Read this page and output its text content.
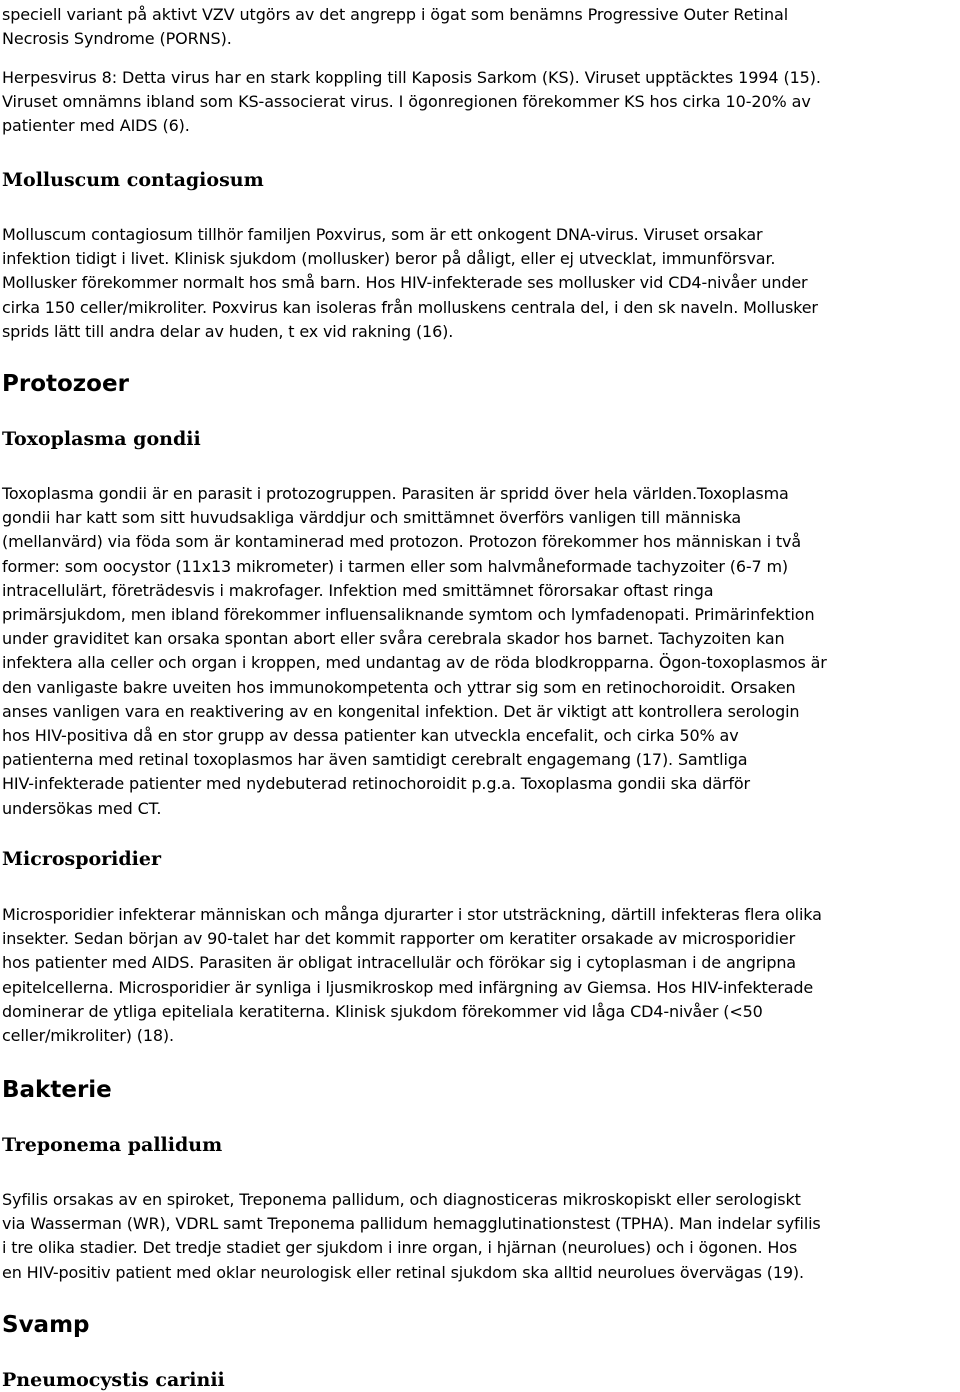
speciell variant på aktivt VZV utgörs av det angrepp i ögat som benämns Progressive Outer Retinal
Necrosis Syndrome (PORNS).

Herpesvirus 8: Detta virus har en stark koppling till Kaposis Sarkom (KS). Viruset upptäcktes 1994 (15).
Viruset omnämns ibland som KS-associerat virus. I ögonregionen förekommer KS hos cirka 10-20% av
patienter med AIDS (6).

Molluscum contagiosum

Molluscum contagiosum tillhör familjen Poxvirus, som är ett onkogent DNA-virus. Viruset orsakar
infektion tidigt i livet. Klinisk sjukdom (mollusker) beror på dåligt, eller ej utvecklat, immunförsvar.
Mollusker förekommer normalt hos små barn. Hos HIV-infekterade ses mollusker vid CD4-nivåer under
cirka 150 celler/mikroliter. Poxvirus kan isoleras från molluskens centrala del, i den sk naveln. Mollusker
sprids lätt till andra delar av huden, t ex vid rakning (16).

Protozoer
Toxoplasma gondii

Toxoplasma gondii är en parasit i protozogruppen. Parasiten är spridd över hela världen.Toxoplasma
gondii har katt som sitt huvudsakliga värddjur och smittämnet överförs vanligen till människa
(mellanvärd) via föda som är kontaminerad med protozon. Protozon förekommer hos människan i två
former: som oocystor (11x13 mikrometer) i tarmen eller som halvmåneformade tachyzoiter (6-7 m)
intracellulärt, företrädesvis i makrofager. Infektion med smittämnet förorsakar oftast ringa
primärsjukdom, men ibland förekommer influensaliknande symtom och lymfadenopati. Primärinfektion
under graviditet kan orsaka spontan abort eller svåra cerebrala skador hos barnet. Tachyzoiten kan
infektera alla celler och organ i kroppen, med undantag av de röda blodkropparna. Ögon-toxoplasmos är
den vanligaste bakre uveiten hos immunokompetenta och yttrar sig som en retinochoroidit. Orsaken
anses vanligen vara en reaktivering av en kongenital infektion. Det är viktigt att kontrollera serologin
hos HIV-positiva då en stor grupp av dessa patienter kan utveckla encefalit, och cirka 50% av
patienterna med retinal toxoplasmos har även samtidigt cerebralt engagemang (17). Samtliga
HIV-infekterade patienter med nydebuterad retinochoroidit p.g.a. Toxoplasma gondii ska därför
undersökas med CT.

Microsporidier

Microsporidier infekterar människan och många djurarter i stor utsträckning, därtill infekteras flera olika
insekter. Sedan början av 90-talet har det kommit rapporter om keratiter orsakade av microsporidier
hos patienter med AIDS. Parasiten är obligat intracellulär och förökar sig i cytoplasman i de angripna
epitelcellerna. Microsporidier är synliga i ljusmikroskop med infärgning av Giemsa. Hos HIV-infekterade
dominerar de ytliga epiteliala keratiterna. Klinisk sjukdom förekommer vid låga CD4-nivåer (<50
celler/mikroliter) (18).

Bakterie
Treponema pallidum

Syfilis orsakas av en spiroket, Treponema pallidum, och diagnosticeras mikroskopiskt eller serologiskt
via Wasserman (WR), VDRL samt Treponema pallidum hemagglutinationstest (TPHA). Man indelar syfilis
i tre olika stadier. Det tredje stadiet ger sjukdom i inre organ, i hjärnan (neurolues) och i ögonen. Hos
en HIV-positiv patient med oklar neurologisk eller retinal sjukdom ska alltid neurolues övervägas (19).

Svamp
Pneumocystis carinii
